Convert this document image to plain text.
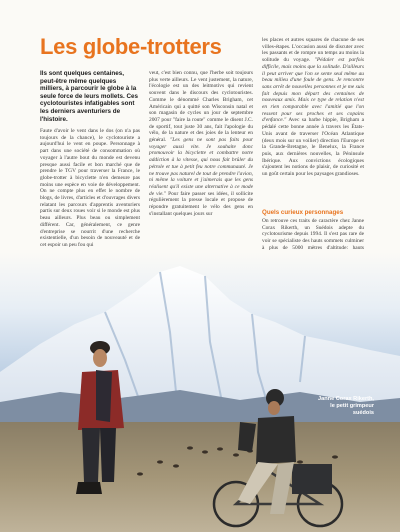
Les globe-trotters

Ils sont quelques centaines, peut-être même quelques milliers, à parcourir le globe à la seule force de leurs mollets. Ces cyclotouristes infatigables sont les derniers aventuriers de l'histoire.

Faute d'avoir le vent dans le dos (on n'a pas toujours de la chance), le cyclotouriste a aujourd'hui le vent en poupe. Personnage à part dans une société de consommation où voyager à l'autre bout du monde est devenu presque aussi facile et bon marché que de prendre le TGV pour traverser la France, le globe-trotter à bicyclette n'en demeure pas moins une espèce en voie de développement. On ne compte plus en effet le nombre de blogs, de livres, d'articles et d'ouvrages divers relatant les parcours d'apprentis aventuriers partis sur deux roues voir si le monde est plus beau ailleurs. Plus beau ou simplement différent. Car, généralement, ce genre d'entreprise se nourrit d'une recherche existentielle, d'un besoin de nouveauté et de cet espoir un peu fou qui

veut, c'est bien connu, que l'herbe soit toujours plus verte ailleurs. Le vent justement, la nature, l'écologie est un des leitmotivs qui revient souvent dans le discours des cyclotouristes. Comme le dénommé Charles Brigham, cet Américain qui a quitté son Wisconsin natal et son magasin de cycles un jour de septembre 2007 pour "faire la route" comme le disent J.C. de sportif, tout juste 30 ans, fait l'apologie du vélo, de la nature et des joies de la lenteur en général. "Les gens ne sont pas faits pour voyager aussi vite. Je souhaite donc promouvoir la bicyclette et combattre notre addiction à la vitesse, qui nous fait brûler du pétrole et tue à petit feu notre communauté. Je ne trouve pas naturel de tout de prendre l'avion, ni même la voiture et j'aimerais que les gens réalisent qu'il existe une alternative à ce mode de vie." Pour faire passer ses idées, il sollicite régulièrement la presse locale et propose de répondre gratuitement le vélo des gens en s'installant quelques jours sur

les places et autres squares de chacune de ses villes-étapes. L'occasion aussi de discuter avec les passants et de rompre un temps au moins la solitude du voyage. "Pédaler est parfois difficile, mais moins que la solitude. D'ailleurs il peut arriver que l'on se sente seul même au beau milieu d'une foule de gens. Je rencontre sans arrêt de nouvelles personnes et je me suis fait depuis mon départ des centaines de nouveaux amis. Mais ce type de relation n'est en rien comparable avec l'amitié que l'on ressent pour ses proches et ses copains d'enfance." Avec sa barbe hippie, Brigham a pédalé cette bonne année à travers les États-Unis avant de traverser l'Océan Atlantique (deux mois sur un voilier) direction l'Europe et la Grande-Bretagne, le Benelux, la France puis, aux dernières nouvelles, la Péninsule Ibérique. Aux convictions écologiques s'ajoutent les notions de plaisir, de curiosité et un goût certain pour les paysages grandioses.

Quels curieux personnages

On retrouve ces traits de caractère chez Janne Corax Rikerth, un Suédois adepte du cyclotourisme depuis 1994. Il s'est pas rare de voir se spécialiste des hauts sommets culminer à plus de 5000 mètres d'altitude: hauts

Janne Corax Rikerth, le petit grimpeur suédois
